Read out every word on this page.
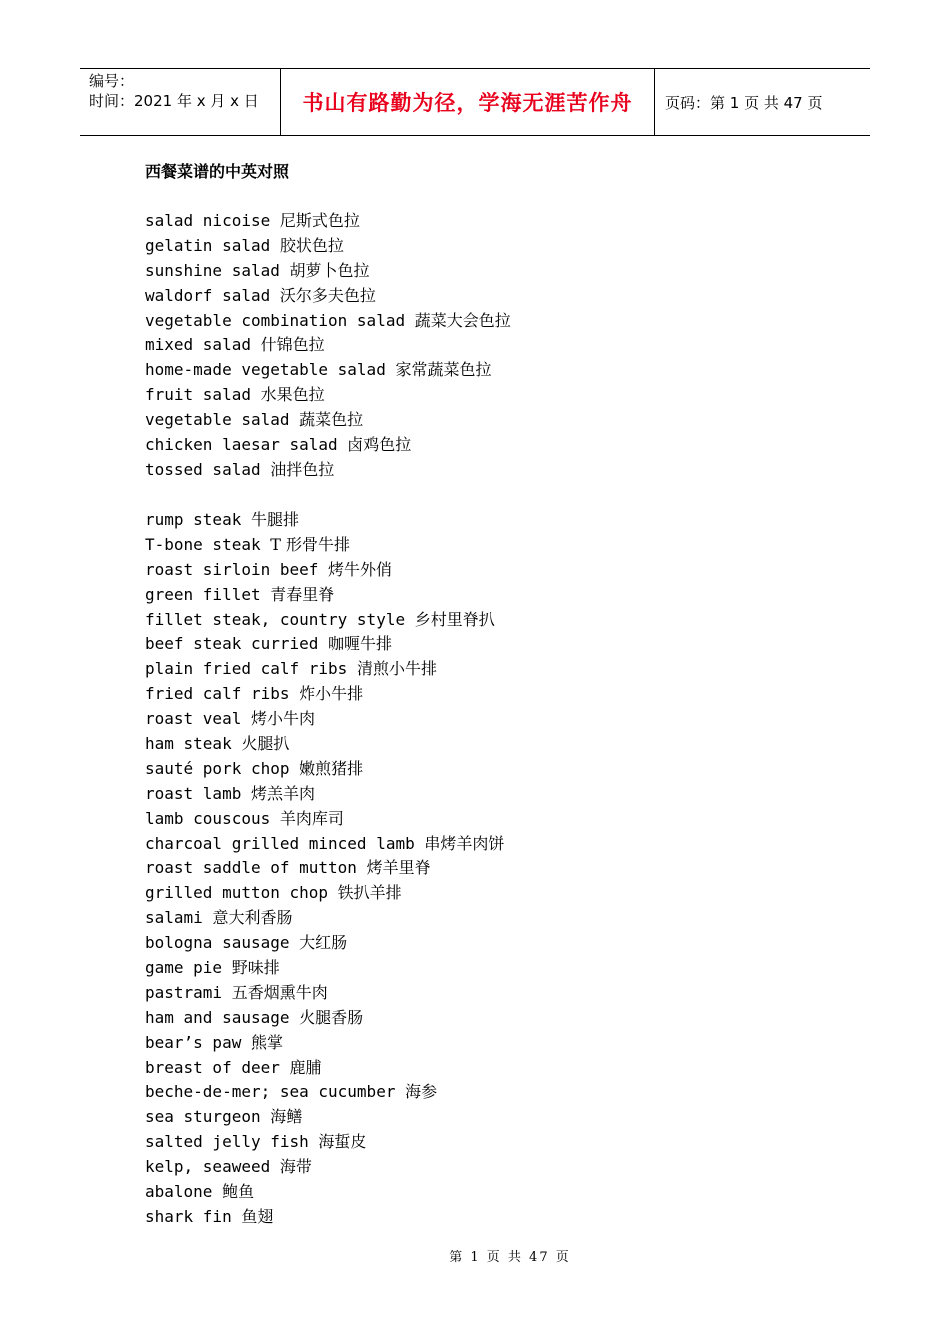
编号：
时间：2021 年 x 月 x 日	书山有路勤为径，学海无涯苦作舟	页码：第 1 页 共 47 页
西餐菜谱的中英对照
salad nicoise 尼斯式色拉
gelatin salad 胶状色拉
sunshine salad 胡萝卜色拉
waldorf salad 沃尔多夫色拉
vegetable combination salad 蔬菜大会色拉
mixed salad 什锦色拉
home-made vegetable salad 家常蔬菜色拉
fruit salad 水果色拉
vegetable salad 蔬菜色拉
chicken laesar salad 卤鸡色拉
tossed salad 油拌色拉
rump steak 牛腿排
T-bone steak T 形骨牛排
roast sirloin beef 烤牛外俏
green fillet 青春里脊
fillet steak, country style 乡村里脊扒
beef steak curried 咖喱牛排
plain fried calf ribs 清煎小牛排
fried calf ribs 炸小牛排
roast veal 烤小牛肉
ham steak 火腿扒
sauté pork chop 嫩煎猪排
roast lamb 烤羔羊肉
lamb couscous 羊肉库司
charcoal grilled minced lamb 串烤羊肉饼
roast saddle of mutton 烤羊里脊
grilled mutton chop 铁扒羊排
salami 意大利香肠
bologna sausage 大红肠
game pie 野味排
pastrami 五香烟熏牛肉
ham and sausage 火腿香肠
bear’s paw 熊掌
breast of deer 鹿脯
beche-de-mer; sea cucumber 海参
sea sturgeon 海鳝
salted jelly fish 海蜇皮
kelp, seaweed 海带
abalone 鲍鱼
shark fin 鱼翅
第 1 页 共 47 页
